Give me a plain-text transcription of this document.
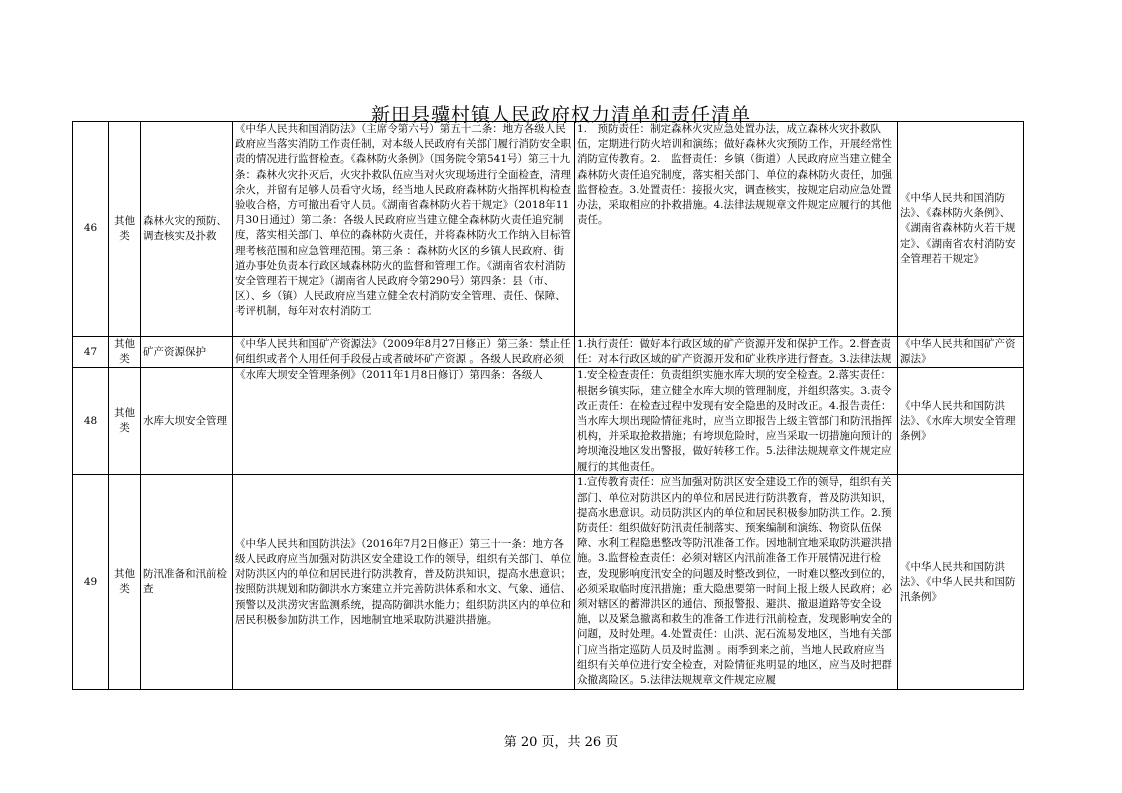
新田县骥村镇人民政府权力清单和责任清单
46	其他类	森林火灾的预防、调查核实及扑救	《中华人民共和国消防法》（主席令第六号）第五十二条：地方各级人民政府应当落实消防工作责任制，对本级人民政府有关部门履行消防安全职责的情况进行监督检查。《森林防火条例》（国务院令第541号）第三十九条：森林火灾扑灭后，火灾扑救队伍应当对火灾现场进行全面检查，清理余火，并留有足够人员看守火场，经当地人民政府森林防火指挥机构检查验收合格，方可撤出看守人员。《湖南省森林防火若干规定》（2018年11月30日通过）第二条：各级人民政府应当建立健全森林防火责任追究制度，落实相关部门、单位的森林防火责任，并将森林防火工作纳入目标管理考核范围和应急管理范围。第三条 ：森林防火区的乡镇人民政府、街道办事处负责本行政区域森林防火的监督和管理工作。《湖南省农村消防安全管理若干规定》（湖南省人民政府令第290号）第四条：县（市、区）、乡（镇）人民政府应当建立健全农村消防安全管理、责任、保障、考评机制，每年对农村消防工	1.　预防责任：制定森林火灾应急处置办法，成立森林火灾扑救队伍，定期进行防火培训和演练；做好森林火灾预防工作，开展经常性消防宣传教育。2.　监督责任：乡镇（街道）人民政府应当建立健全森林防火责任追究制度，落实相关部门、单位的森林防火责任，加强监督检查。3.处置责任：接报火灾，调查核实，按规定启动应急处置办法，采取相应的扑救措施。4.法律法规规章文件规定应履行的其他责任。	《中华人民共和国消防法》、《森林防火条例》、《湖南省森林防火若干规定》、《湖南省农村消防安全管理若干规定》
47	其他类	矿产资源保护	《中华人民共和国矿产资源法》（2009年8月27日修正）第三条：禁止任何组织或者个人用任何手段侵占或者破坏矿产资源 。各级人民政府必须	1.执行责任：做好本行政区域的矿产资源开发和保护工作。2.督查责任：对本行政区域的矿产资源开发和矿业秩序进行督查。3.法律法规	《中华人民共和国矿产资源法》
48	其他类	水库大坝安全管理	《水库大坝安全管理条例》（2011年1月8日修订）第四条：各级人	1.安全检查责任：负责组织实施水库大坝的安全检查。2.落实责任：根据乡镇实际，建立健全水库大坝的管理制度，并组织落实。3.责令改正责任：在检查过程中发现有安全隐患的及时改正。4.报告责任：当水库大坝出现险情征兆时，应当立即报告上级主管部门和防汛指挥机构，并采取抢救措施；有垮坝危险时，应当采取一切措施向预计的垮坝淹没地区发出警报，做好转移工作。5.法律法规规章文件规定应履行的其他责任。	《中华人民共和国防洪法》、《水库大坝安全管理条例》
49	其他类	防汛准备和汛前检查	《中华人民共和国防洪法》（2016年7月2日修正）第三十一条：地方各级人民政府应当加强对防洪区安全建设工作的领导，组织有关部门、单位对防洪区内的单位和居民进行防洪教育，普及防洪知识，提高水患意识；按照防洪规划和防御洪水方案建立并完善防洪体系和水文、气象、通信、预警以及洪涝灾害监测系统，提高防御洪水能力；组织防洪区内的单位和居民积极参加防洪工作，因地制宜地采取防洪避洪措施。	1.宣传教育责任：应当加强对防洪区安全建设工作的领导，组织有关部门、单位对防洪区内的单位和居民进行防洪教育，普及防洪知识，提高水患意识。动员防洪区内的单位和居民积极参加防洪工作。2.预防责任：组织做好防汛责任制落实、预案编制和演练、物资队伍保障、水利工程隐患整改等防汛准备工作。因地制宜地采取防洪避洪措施。3.监督检查责任：必须对辖区内汛前准备工作开展情况进行检查，发现影响度汛安全的问题及时整改到位，一时难以整改到位的，必须采取临时度汛措施；重大隐患要第一时间上报上级人民政府；必须对辖区的蓄滞洪区的通信、预报警报、避洪、撤退道路等安全设施，以及紧急撤离和救生的准备工作进行汛前检查，发现影响安全的问题，及时处理。4.处置责任：山洪、泥石流易发地区，当地有关部门应当指定巡防人员及时监测 。雨季到来之前，当地人民政府应当组织有关单位进行安全检查，对险情征兆明显的地区，应当及时把群众撤离险区。5.法律法规规章文件规定应履	《中华人民共和国防洪法》、《中华人民共和国防汛条例》
第 20 页，共 26 页
